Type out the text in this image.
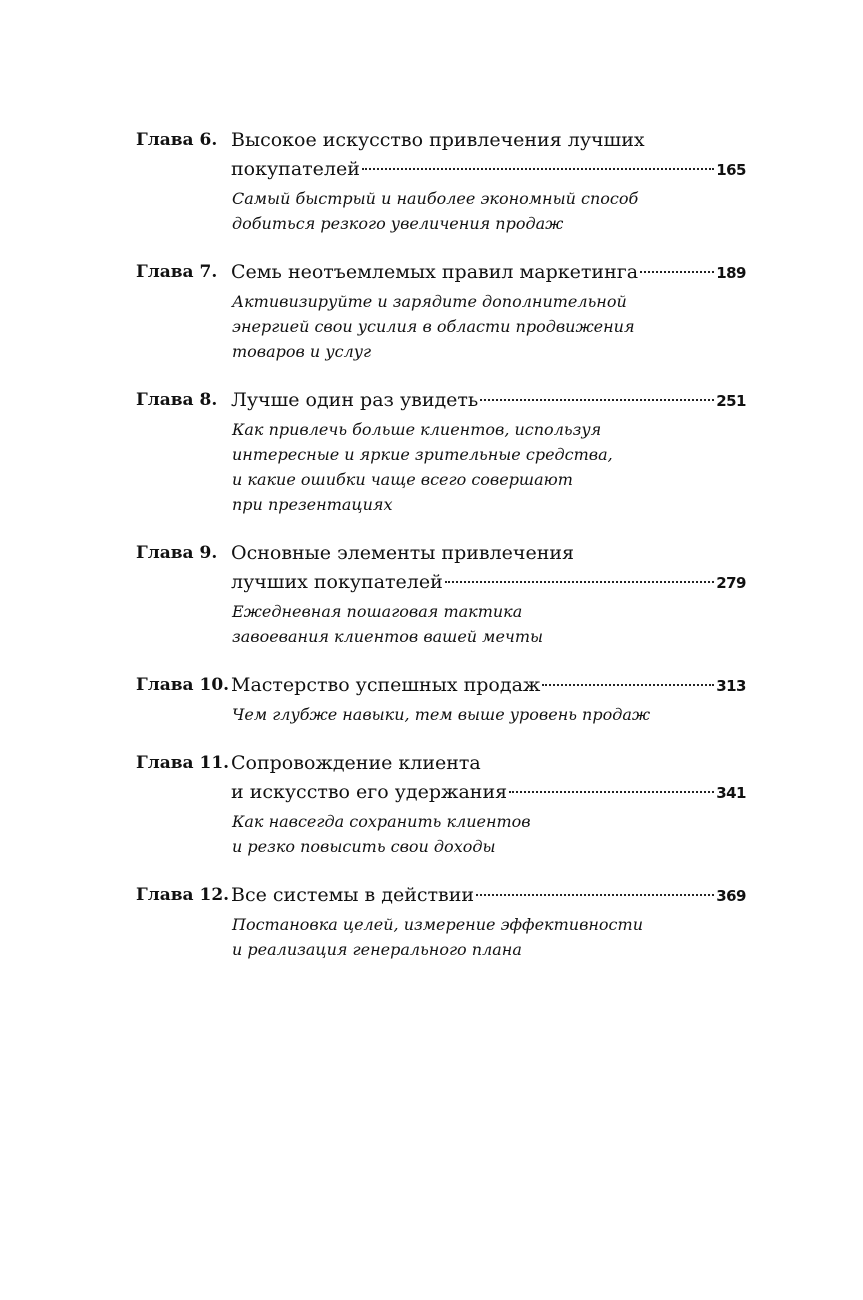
Глава 6. Высокое искусство привлечения лучших
покупателей	165
Самый быстрый и наиболее экономный способ
добиться резкого увеличения продаж
Глава 7. Семь неотъемлемых правил маркетинга	189
Активизируйте и зарядите дополнительной
энергией свои усилия в области продвижения
товаров и услуг
Глава 8. Лучше один раз увидеть	251
Как привлечь больше клиентов, используя
интересные и яркие зрительные средства,
и какие ошибки чаще всего совершают
при презентациях
Глава 9. Основные элементы привлечения
лучших покупателей	279
Ежедневная пошаговая тактика
завоевания клиентов вашей мечты
Глава 10. Мастерство успешных продаж	313
Чем глубже навыки, тем выше уровень продаж
Глава 11. Сопровождение клиента
и искусство его удержания	341
Как навсегда сохранить клиентов
и резко повысить свои доходы
Глава 12. Все системы в действии	369
Постановка целей, измерение эффективности
и реализация генерального плана
